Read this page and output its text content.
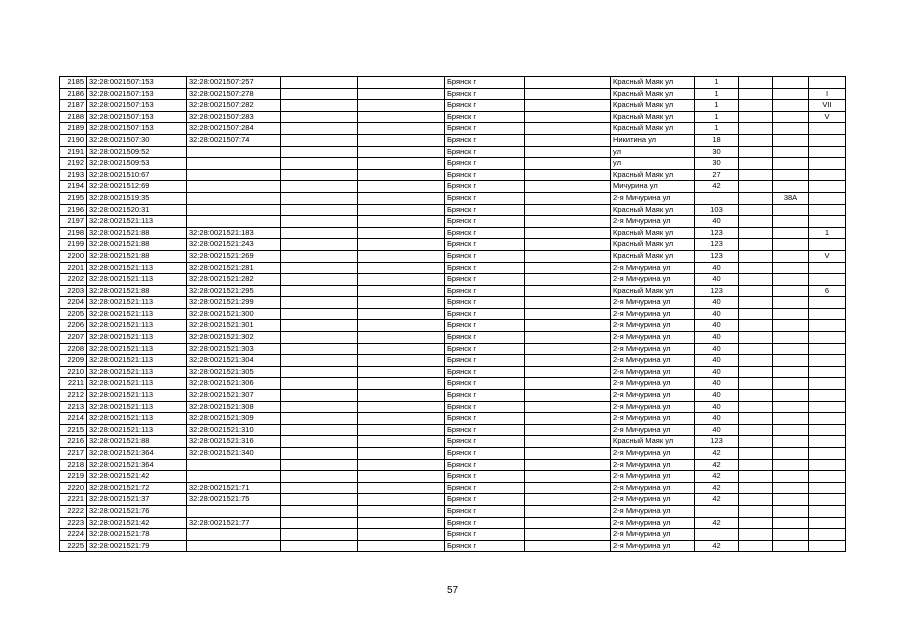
2185	32:28:0021507:153	32:28:0021507:257			Брянск г		Красный Маяк ул	1			
2186	32:28:0021507:153	32:28:0021507:278			Брянск г		Красный Маяк ул	1			I
2187	32:28:0021507:153	32:28:0021507:282			Брянск г		Красный Маяк ул	1			VII
2188	32:28:0021507:153	32:28:0021507:283			Брянск г		Красный Маяк ул	1			V
2189	32:28:0021507:153	32:28:0021507:284			Брянск г		Красный Маяк ул	1			
2190	32:28:0021507:30	32:28:0021507:74			Брянск г		Никитина ул	18			
2191	32:28:0021509:52				Брянск г		ул	30			
2192	32:28:0021509:53				Брянск г		ул	30			
2193	32:28:0021510:67				Брянск г		Красный Маяк ул	27			
2194	32:28:0021512:69				Брянск г		Мичурина ул	42			
2195	32:28:0021519:35				Брянск г		2-я Мичурина ул			38А	
2196	32:28:0021520:31				Брянск г		Красный Маяк ул	103			
2197	32:28:0021521:113				Брянск г		2-я Мичурина ул	40			
2198	32:28:0021521:88	32:28:0021521:183			Брянск г		Красный Маяк ул	123			1
2199	32:28:0021521:88	32:28:0021521:243			Брянск г		Красный Маяк ул	123			
2200	32:28:0021521:88	32:28:0021521:269			Брянск г		Красный Маяк ул	123			V
2201	32:28:0021521:113	32:28:0021521:281			Брянск г		2-я Мичурина ул	40			
2202	32:28:0021521:113	32:28:0021521:282			Брянск г		2-я Мичурина ул	40			
2203	32:28:0021521:88	32:28:0021521:295			Брянск г		Красный Маяк ул	123			6
2204	32:28:0021521:113	32:28:0021521:299			Брянск г		2-я Мичурина ул	40			
2205	32:28:0021521:113	32:28:0021521:300			Брянск г		2-я Мичурина ул	40			
2206	32:28:0021521:113	32:28:0021521:301			Брянск г		2-я Мичурина ул	40			
2207	32:28:0021521:113	32:28:0021521:302			Брянск г		2-я Мичурина ул	40			
2208	32:28:0021521:113	32:28:0021521:303			Брянск г		2-я Мичурина ул	40			
2209	32:28:0021521:113	32:28:0021521:304			Брянск г		2-я Мичурина ул	40			
2210	32:28:0021521:113	32:28:0021521:305			Брянск г		2-я Мичурина ул	40			
2211	32:28:0021521:113	32:28:0021521:306			Брянск г		2-я Мичурина ул	40			
2212	32:28:0021521:113	32:28:0021521:307			Брянск г		2-я Мичурина ул	40			
2213	32:28:0021521:113	32:28:0021521:308			Брянск г		2-я Мичурина ул	40			
2214	32:28:0021521:113	32:28:0021521:309			Брянск г		2-я Мичурина ул	40			
2215	32:28:0021521:113	32:28:0021521:310			Брянск г		2-я Мичурина ул	40			
2216	32:28:0021521:88	32:28:0021521:316			Брянск г		Красный Маяк ул	123			
2217	32:28:0021521:364	32:28:0021521:340			Брянск г		2-я Мичурина ул	42			
2218	32:28:0021521:364				Брянск г		2-я Мичурина ул	42			
2219	32:28:0021521:42				Брянск г		2-я Мичурина ул	42			
2220	32:28:0021521:72	32:28:0021521:71			Брянск г		2-я Мичурина ул	42			
2221	32:28:0021521:37	32:28:0021521:75			Брянск г		2-я Мичурина ул	42			
2222	32:28:0021521:76				Брянск г		2-я Мичурина ул				
2223	32:28:0021521:42	32:28:0021521:77			Брянск г		2-я Мичурина ул	42			
2224	32:28:0021521:78				Брянск г		2-я Мичурина ул				
2225	32:28:0021521:79				Брянск г		2-я Мичурина ул	42			
57
